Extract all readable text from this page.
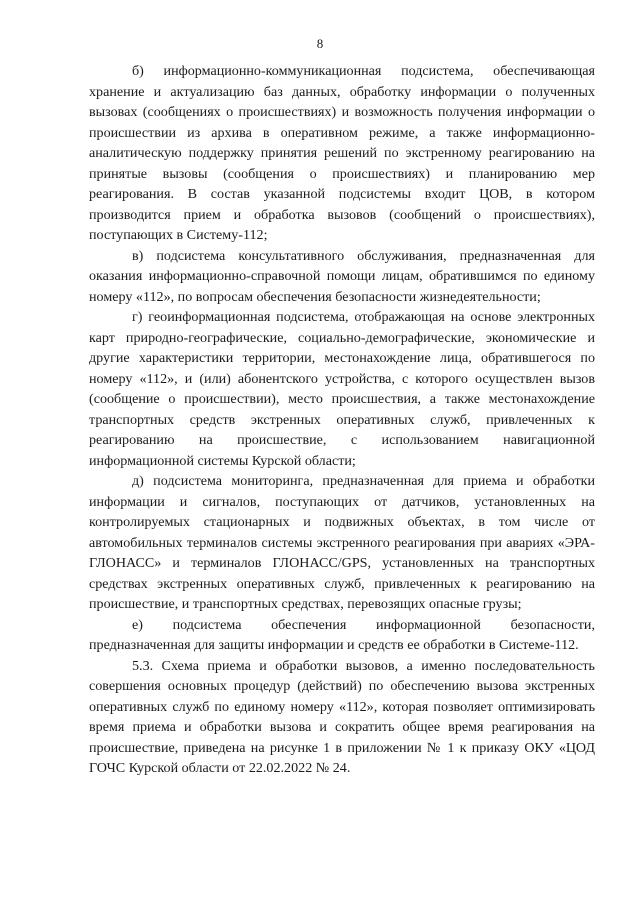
8

б) информационно-коммуникационная подсистема, обеспечивающая хранение и актуализацию баз данных, обработку информации о полученных вызовах (сообщениях о происшествиях) и возможность получения информации о происшествии из архива в оперативном режиме, а также информационно-аналитическую поддержку принятия решений по экстренному реагированию на принятые вызовы (сообщения о происшествиях) и планированию мер реагирования. В состав указанной подсистемы входит ЦОВ, в котором производится прием и обработка вызовов (сообщений о происшествиях), поступающих в Систему-112;

в) подсистема консультативного обслуживания, предназначенная для оказания информационно-справочной помощи лицам, обратившимся по единому номеру «112», по вопросам обеспечения безопасности жизнедеятельности;

г) геоинформационная подсистема, отображающая на основе электронных карт природно-географические, социально-демографические, экономические и другие характеристики территории, местонахождение лица, обратившегося по номеру «112», и (или) абонентского устройства, с которого осуществлен вызов (сообщение о происшествии), место происшествия, а также местонахождение транспортных средств экстренных оперативных служб, привлеченных к реагированию на происшествие, с использованием навигационной информационной системы Курской области;

д) подсистема мониторинга, предназначенная для приема и обработки информации и сигналов, поступающих от датчиков, установленных на контролируемых стационарных и подвижных объектах, в том числе от автомобильных терминалов системы экстренного реагирования при авариях «ЭРА-ГЛОНАСС» и терминалов ГЛОНАСС/GPS, установленных на транспортных средствах экстренных оперативных служб, привлеченных к реагированию на происшествие, и транспортных средствах, перевозящих опасные грузы;

е) подсистема обеспечения информационной безопасности, предназначенная для защиты информации и средств ее обработки в Системе-112.

5.3. Схема приема и обработки вызовов, а именно последовательность совершения основных процедур (действий) по обеспечению вызова экстренных оперативных служб по единому номеру «112», которая позволяет оптимизировать время приема и обработки вызова и сократить общее время реагирования на происшествие, приведена на рисунке 1 в приложении № 1 к приказу ОКУ «ЦОД ГОЧС Курской области от 22.02.2022 № 24.
